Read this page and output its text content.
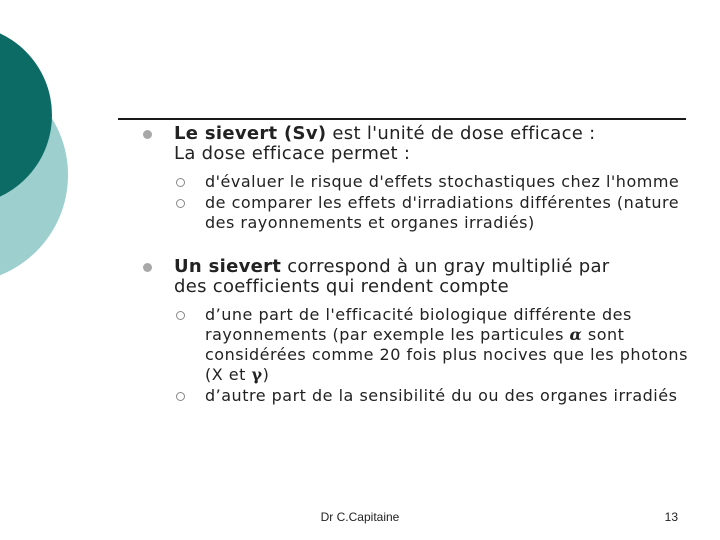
Le sievert (Sv) est l'unité de dose efficace :
La dose efficace permet :
d'évaluer le risque d'effets stochastiques chez l'homme
de comparer les effets d'irradiations différentes (nature des rayonnements et organes irradiés)
Un sievert correspond à un gray multiplié par
des coefficients qui rendent compte
d’une part de l'efficacité biologique différente des rayonnements (par exemple les particules α sont considérées comme 20 fois plus nocives que les photons (X et γ)
d’autre part de la sensibilité du ou des organes irradiés
Dr C.Capitaine	13
